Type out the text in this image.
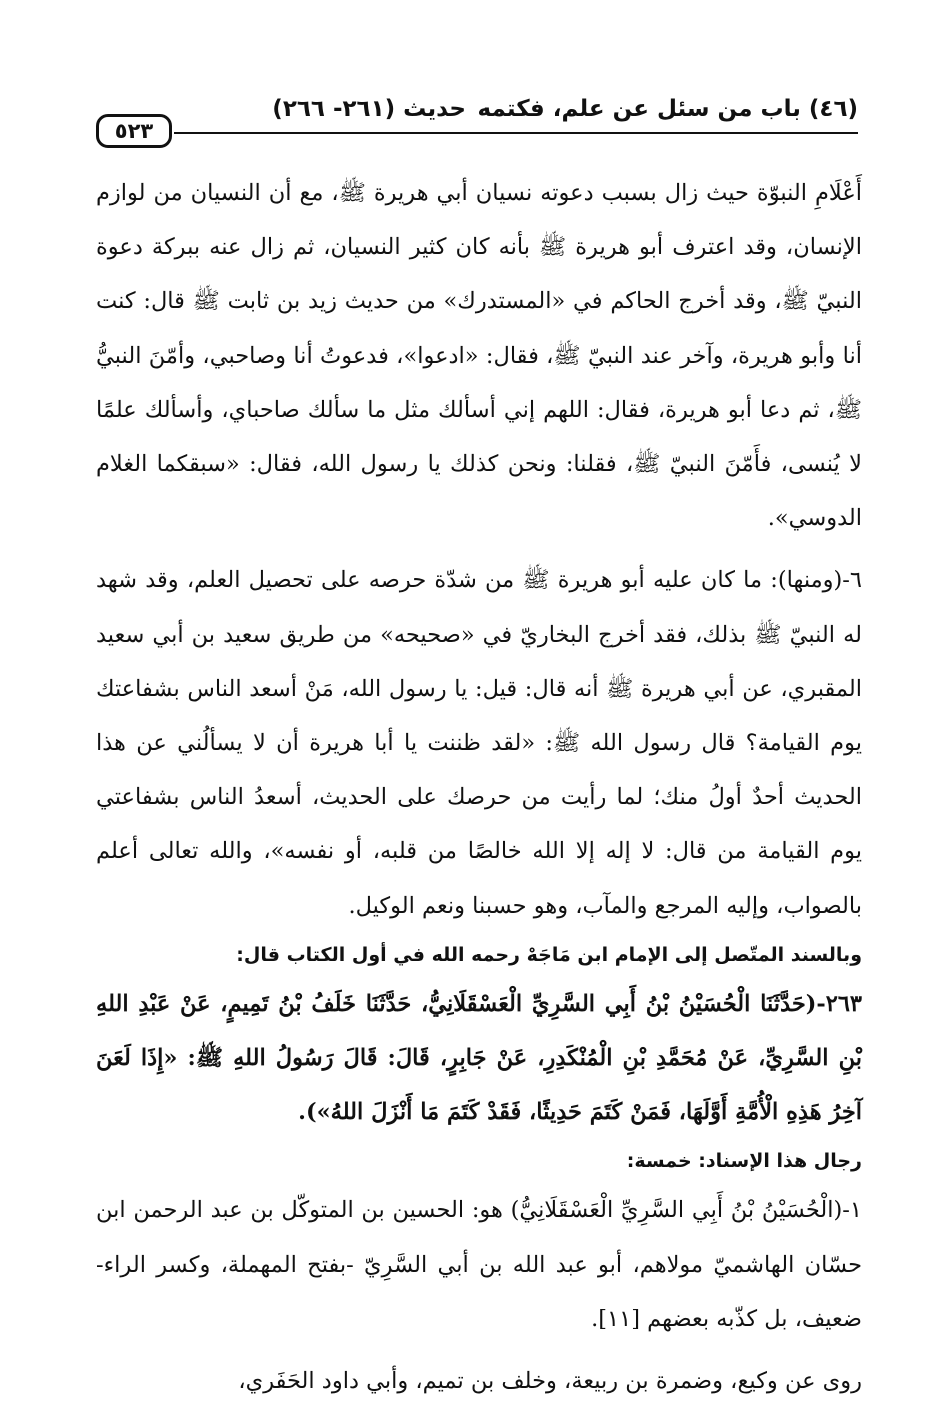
(٤٦) باب من سئل عن علم، فكتمه
حديث (٢٦١- ٢٦٦)
٥٢٣

أَعْلَامِ النبوّة حيث زال بسبب دعوته نسيان أبي هريرة ﷺ، مع أن النسيان من لوازم الإنسان، وقد اعترف أبو هريرة ﷺ بأنه كان كثير النسيان، ثم زال عنه ببركة دعوة النبيّ ﷺ، وقد أخرج الحاكم في «المستدرك» من حديث زيد بن ثابت ﷺ قال: كنت أنا وأبو هريرة، وآخر عند النبيّ ﷺ، فقال: «ادعوا»، فدعوتُ أنا وصاحبي، وأمّنَ النبيُّ ﷺ، ثم دعا أبو هريرة، فقال: اللهم إني أسألك مثل ما سألك صاحباي، وأسألك علمًا لا يُنسى، فأَمّنَ النبيّ ﷺ، فقلنا: ونحن كذلك يا رسول الله، فقال: «سبقكما الغلام الدوسي».

٦-(ومنها): ما كان عليه أبو هريرة ﷺ من شدّة حرصه على تحصيل العلم، وقد شهد له النبيّ ﷺ بذلك، فقد أخرج البخاريّ في «صحيحه» من طريق سعيد بن أبي سعيد المقبري، عن أبي هريرة ﷺ أنه قال: قيل: يا رسول الله، مَنْ أسعد الناس بشفاعتك يوم القيامة؟ قال رسول الله ﷺ: «لقد ظننت يا أبا هريرة أن لا يسألُني عن هذا الحديث أحدٌ أولُ منك؛ لما رأيت من حرصك على الحديث، أسعدُ الناس بشفاعتي يوم القيامة من قال: لا إله إلا الله خالصًا من قلبه، أو نفسه»، والله تعالى أعلم بالصواب، وإليه المرجع والمآب، وهو حسبنا ونعم الوكيل.

وبالسند المتّصل إلى الإمام ابن مَاجَهْ رحمه الله في أول الكتاب قال:

٢٦٣-(حَدَّثَنَا الْحُسَيْنُ بْنُ أَبِي السَّرِيِّ الْعَسْقَلَانِيُّ، حَدَّثَنَا خَلَفُ بْنُ تَمِيمٍ، عَنْ عَبْدِ اللهِ بْنِ السَّرِيِّ، عَنْ مُحَمَّدِ بْنِ الْمُنْكَدِرِ، عَنْ جَابِرٍ، قَالَ: قَالَ رَسُولُ اللهِ ﷺ: «إِذَا لَعَنَ آخِرُ هَذِهِ الْأُمَّةِ أَوَّلَهَا، فَمَنْ كَتَمَ حَدِيثًا، فَقَدْ كَتَمَ مَا أَنْزَلَ اللهُ»).

رجال هذا الإسناد: خمسة:

١-(الْحُسَيْنُ بْنُ أَبِي السَّرِيِّ الْعَسْقَلَانِيُّ) هو: الحسين بن المتوكّل بن عبد الرحمن ابن حسّان الهاشميّ مولاهم، أبو عبد الله بن أبي السَّرِيّ -بفتح المهملة، وكسر الراء- ضعيف، بل كذّبه بعضهم [١١].

روى عن وكيع، وضمرة بن ربيعة، وخلف بن تميم، وأبي داود الحَفَري،
